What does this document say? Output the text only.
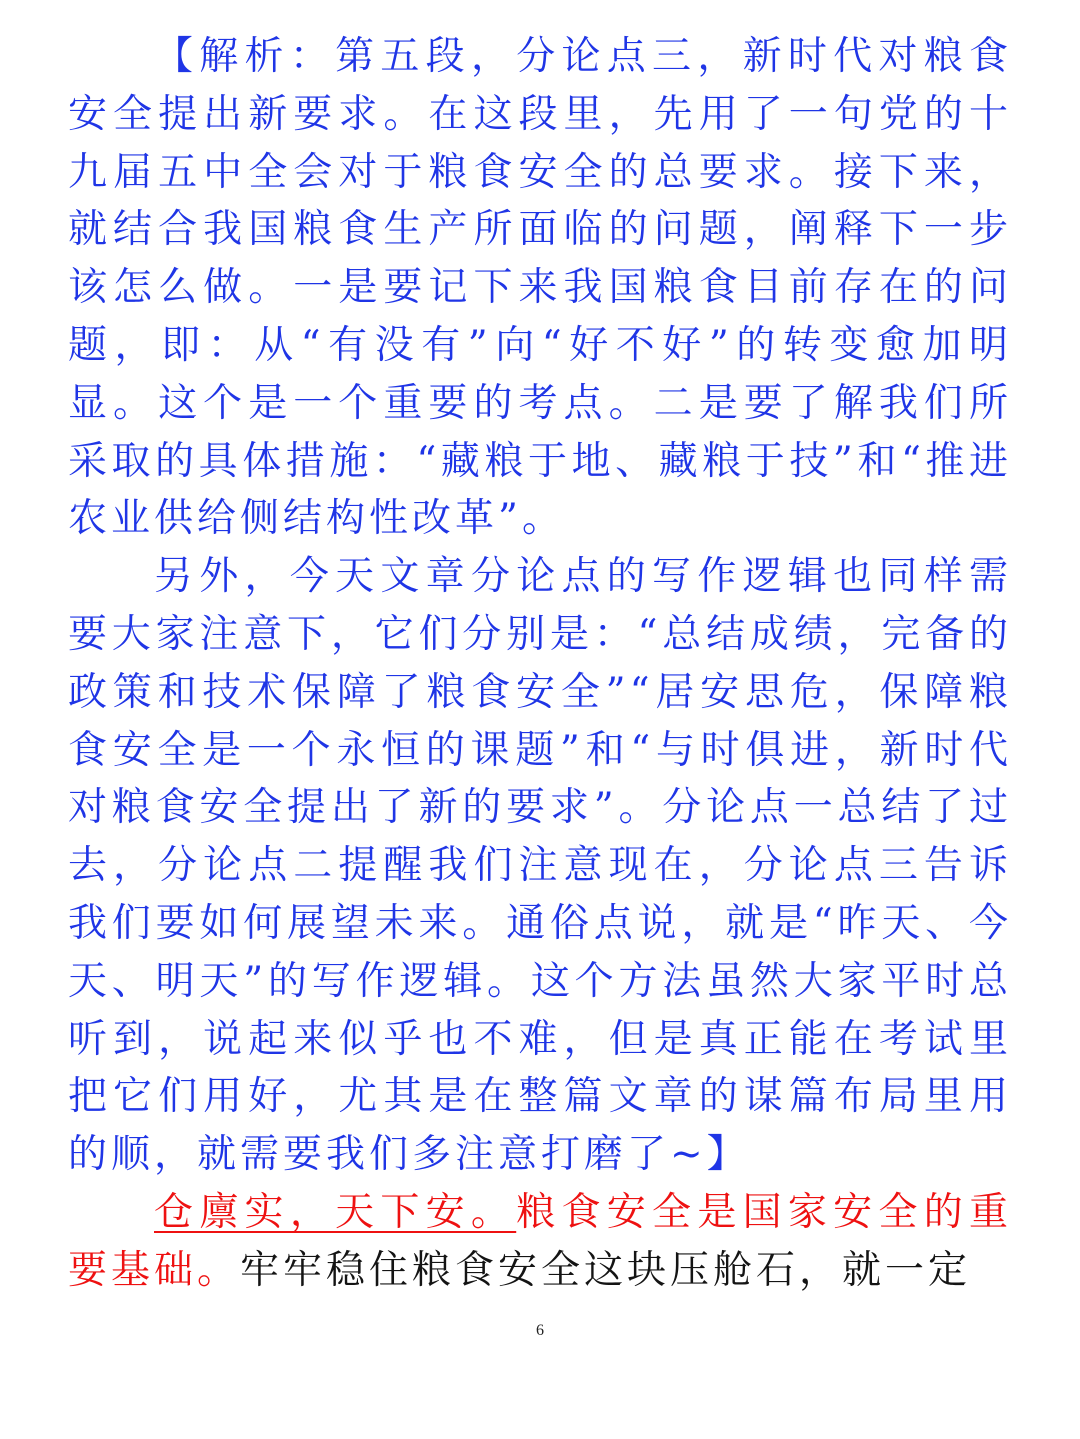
【解析：第五段，分论点三，新时代对粮食安全提出新要求。在这段里，先用了一句党的十九届五中全会对于粮食安全的总要求。接下来，就结合我国粮食生产所面临的问题，阐释下一步该怎么做。一是要记下来我国粮食目前存在的问题，即：从“有没有”向“好不好”的转变愈加明显。这个是一个重要的考点。二是要了解我们所采取的具体措施：“藏粮于地、藏粮于技”和“推进农业供给侧结构性改革”。

另外，今天文章分论点的写作逻辑也同样需要大家注意下，它们分别是：“总结成绩，完备的政策和技术保障了粮食安全”“居安思危，保障粮食安全是一个永恒的课题”和“与时俱进，新时代对粮食安全提出了新的要求”。分论点一总结了过去，分论点二提醒我们注意现在，分论点三告诉我们要如何展望未来。通俗点说，就是“昨天、今天、明天”的写作逻辑。这个方法虽然大家平时总听到，说起来似乎也不难，但是真正能在考试里把它们用好，尤其是在整篇文章的谋篇布局里用的顺，就需要我们多注意打磨了~】

仓廪实，天下安。粮食安全是国家安全的重要基础。牢牢稳住粮食安全这块压舱石，就一定

6
